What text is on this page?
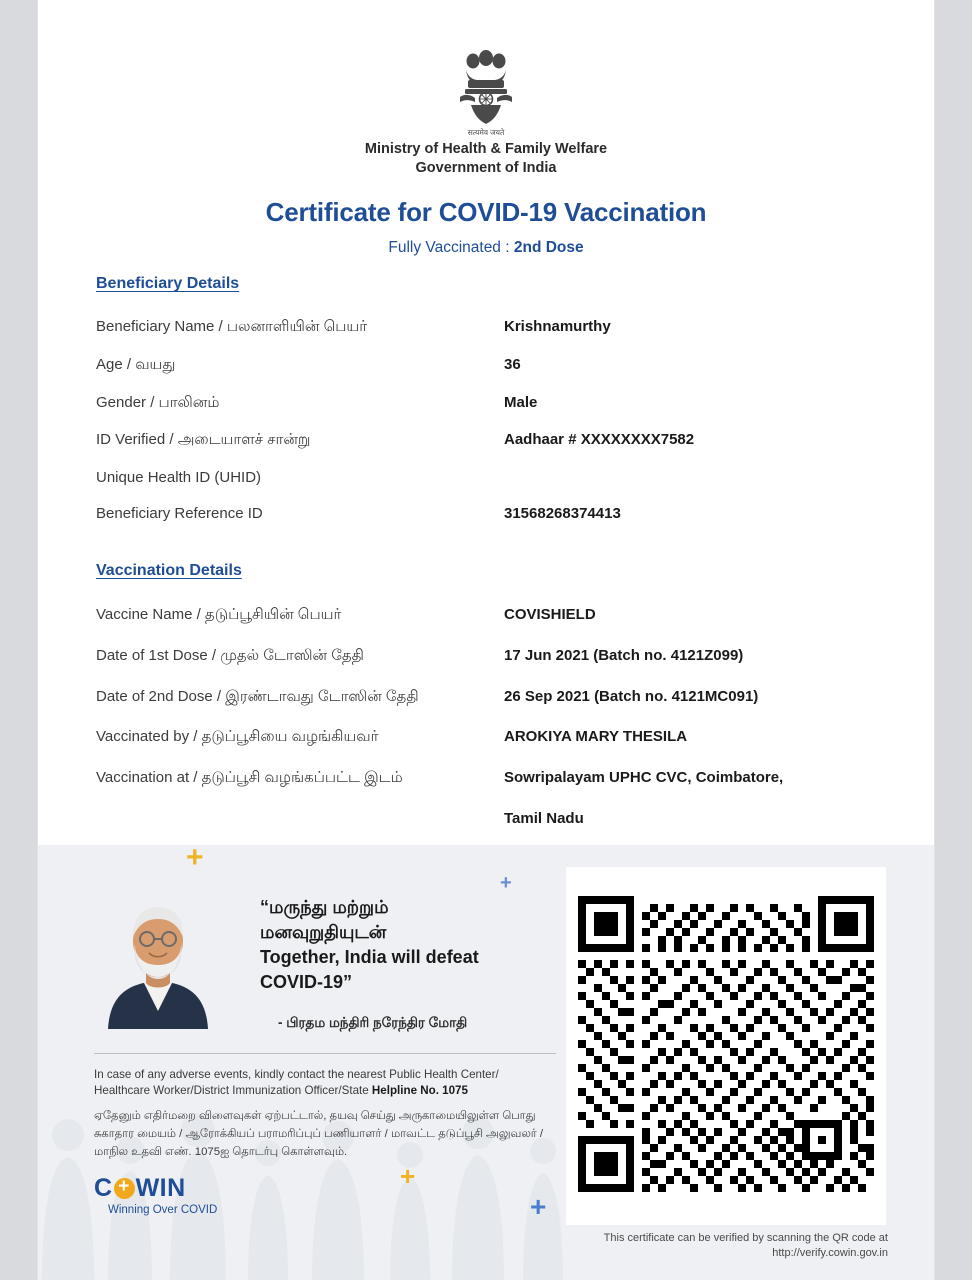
सत्यमेव जयते
Ministry of Health & Family Welfare
Government of India
Certificate for COVID-19 Vaccination
Fully Vaccinated : 2nd Dose
Beneficiary Details
Beneficiary Name / பலனாளியின் பெயர்	Krishnamurthy
Age / வயது	36
Gender / பாலினம்	Male
ID Verified / அடையாளச் சான்று	Aadhaar # XXXXXXXX7582
Unique Health ID (UHID)
Beneficiary Reference ID	31568268374413
Vaccination Details
Vaccine Name / தடுப்பூசியின் பெயர்	COVISHIELD
Date of 1st Dose / முதல் டோஸின் தேதி	17 Jun 2021 (Batch no. 4121Z099)
Date of 2nd Dose / இரண்டாவது டோஸின் தேதி	26 Sep 2021 (Batch no. 4121MC091)
Vaccinated by / தடுப்பூசியை வழங்கியவர்	AROKIYA MARY THESILA
Vaccination at / தடுப்பூசி வழங்கப்பட்ட இடம்	Sowripalayam UPHC CVC, Coimbatore,
Tamil Nadu
+
+
+
+
“மருந்து மற்றும்
மனவுறுதியுடன்
Together, India will defeat
COVID-19”
- பிரதம மந்திரி நரேந்திர மோதி
In case of any adverse events, kindly contact the nearest Public Health Center/
Healthcare Worker/District Immunization Officer/State Helpline No. 1075
ஏதேனும் எதிர்மறை விளைவுகள் ஏற்பட்டால், தயவு செய்து அருகாமையிலுள்ள பொது
சுகாதார மையம் / ஆரோக்கியப் பராமரிப்புப் பணியாளர் / மாவட்ட தடுப்பூசி அலுவலர் /
மாநில உதவி எண். 1075ஐ தொடர்பு கொள்ளவும்.
C + WIN
Winning Over COVID
This certificate can be verified by scanning the QR code at
http://verify.cowin.gov.in
